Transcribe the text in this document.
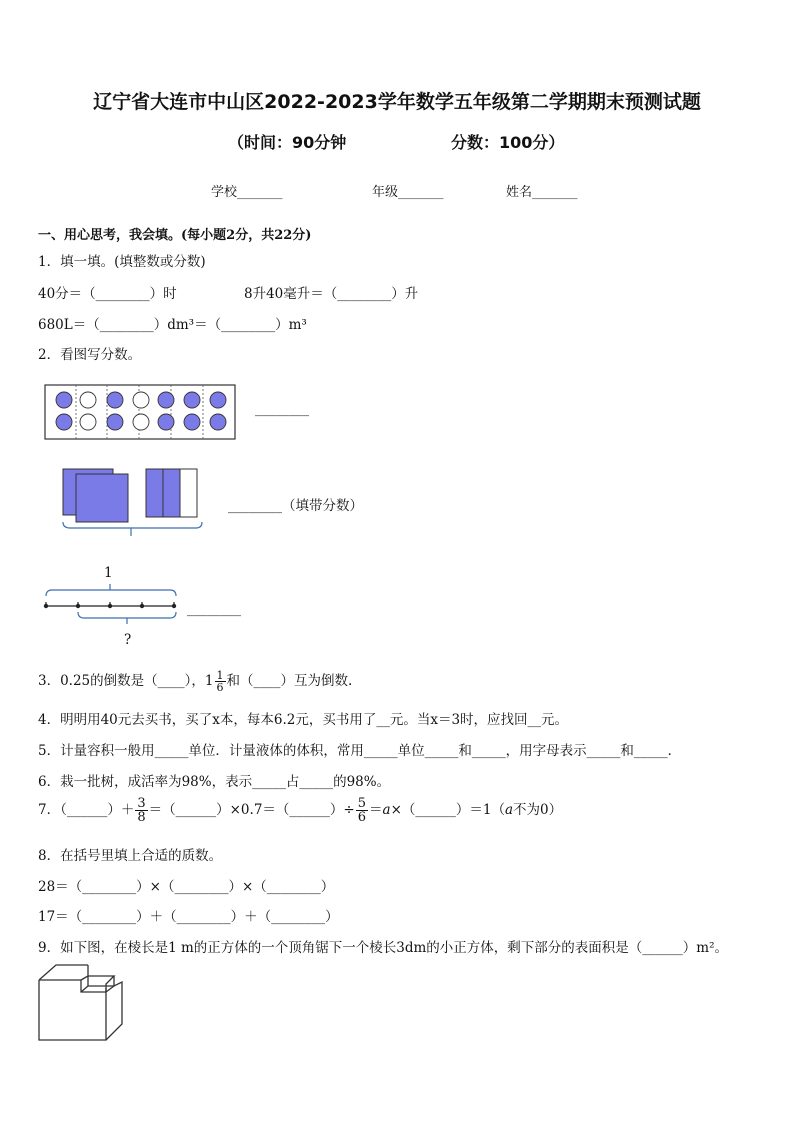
辽宁省大连市中山区2022-2023学年数学五年级第二学期期末预测试题
（时间：90分钟	分数：100分）
学校_______	年级_______	姓名_______
一、用心思考，我会填。(每小题2分，共22分)
1．填一填。(填整数或分数)
40分＝（________）时	8升40毫升＝（________）升
680L＝（________）dm³＝（________）m³
2．看图写分数。
________
________（填带分数）
1
?
________
3．0.25的倒数是（____），$1 \frac{1}{6}$ 和（____）互为倒数.
4．明明用40元去买书，买了x本，每本6.2元，买书用了__元。当x＝3时，应找回__元。
5．计量容积一般用_____单位．计量液体的体积，常用_____单位_____和_____，用字母表示_____和_____．
6．栽一批树，成活率为98%，表示_____占_____的98%。
7．（______）＋ $\frac{3}{8}$ ＝（______）×0.7＝（______）÷ $\frac{5}{6}$ ＝a×（______）＝1（a不为0）
8．在括号里填上合适的质数。
28＝（________）×（________）×（________）
17＝（________）＋（________）＋（________）
9．如下图，在棱长是1 m的正方体的一个顶角锯下一个棱长3dm的小正方体，剩下部分的表面积是（______）m²。
